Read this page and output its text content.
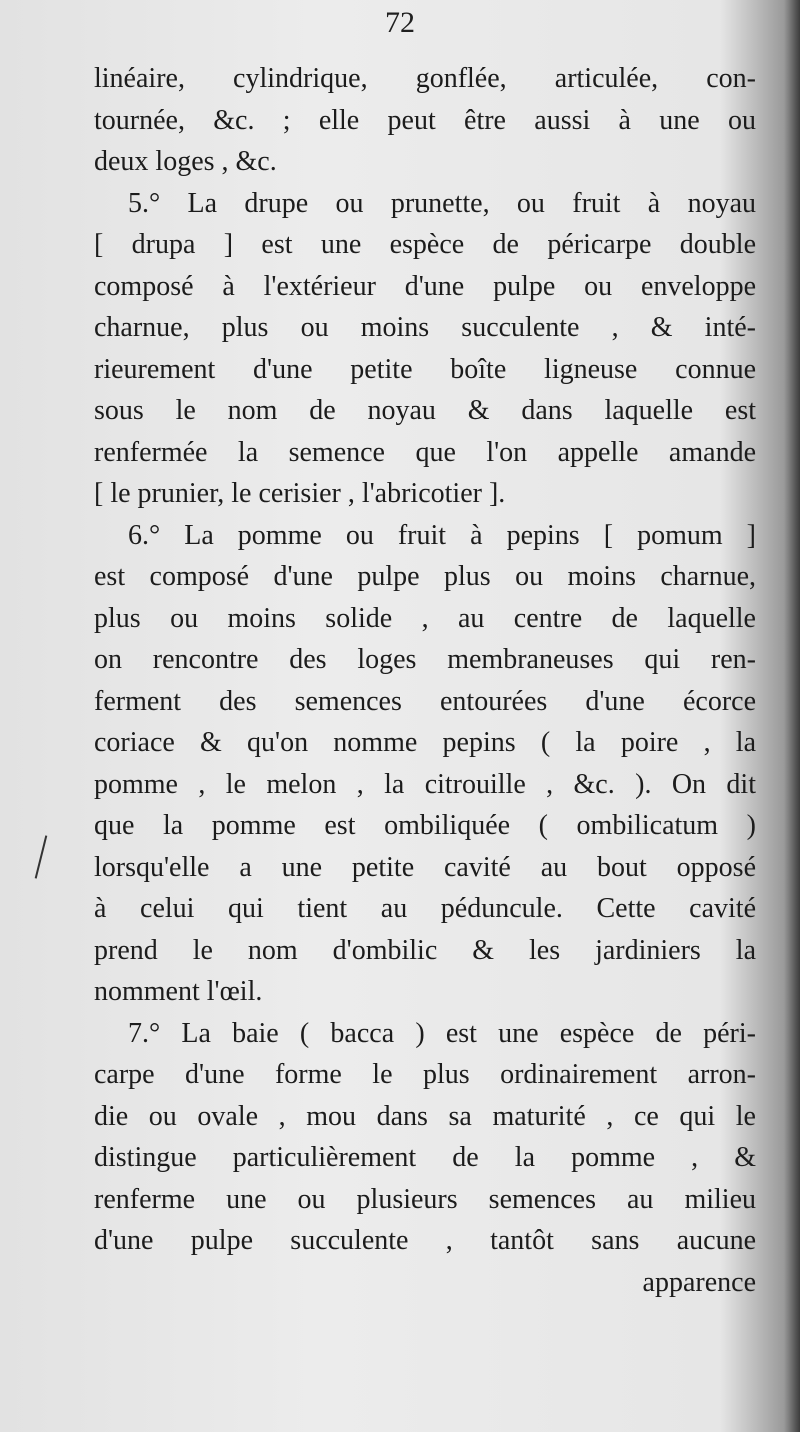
72

linéaire, cylindrique, gonflée, articulée, con-
tournée, &c. ; elle peut être aussi à une ou
deux loges , &c.

5.° La drupe ou prunette, ou fruit à noyau
[ drupa ] est une espèce de péricarpe double
composé à l'extérieur d'une pulpe ou enveloppe
charnue, plus ou moins succulente , & inté-
rieurement d'une petite boîte ligneuse connue
sous le nom de noyau & dans laquelle est
renfermée la semence que l'on appelle amande
[ le prunier, le cerisier , l'abricotier ].

6.° La pomme ou fruit à pepins [ pomum ]
est composé d'une pulpe plus ou moins charnue,
plus ou moins solide , au centre de laquelle
on rencontre des loges membraneuses qui ren-
ferment des semences entourées d'une écorce
coriace & qu'on nomme pepins ( la poire , la
pomme , le melon , la citrouille , &c. ). On dit
que la pomme est ombiliquée ( ombilicatum )
lorsqu'elle a une petite cavité au bout opposé
à celui qui tient au péduncule. Cette cavité
prend le nom d'ombilic & les jardiniers la
nomment l'œil.

7.° La baie ( bacca ) est une espèce de péri-
carpe d'une forme le plus ordinairement arron-
die ou ovale , mou dans sa maturité , ce qui le
distingue particulièrement de la pomme , &
renferme une ou plusieurs semences au milieu
d'une pulpe succulente , tantôt sans aucune

apparence
